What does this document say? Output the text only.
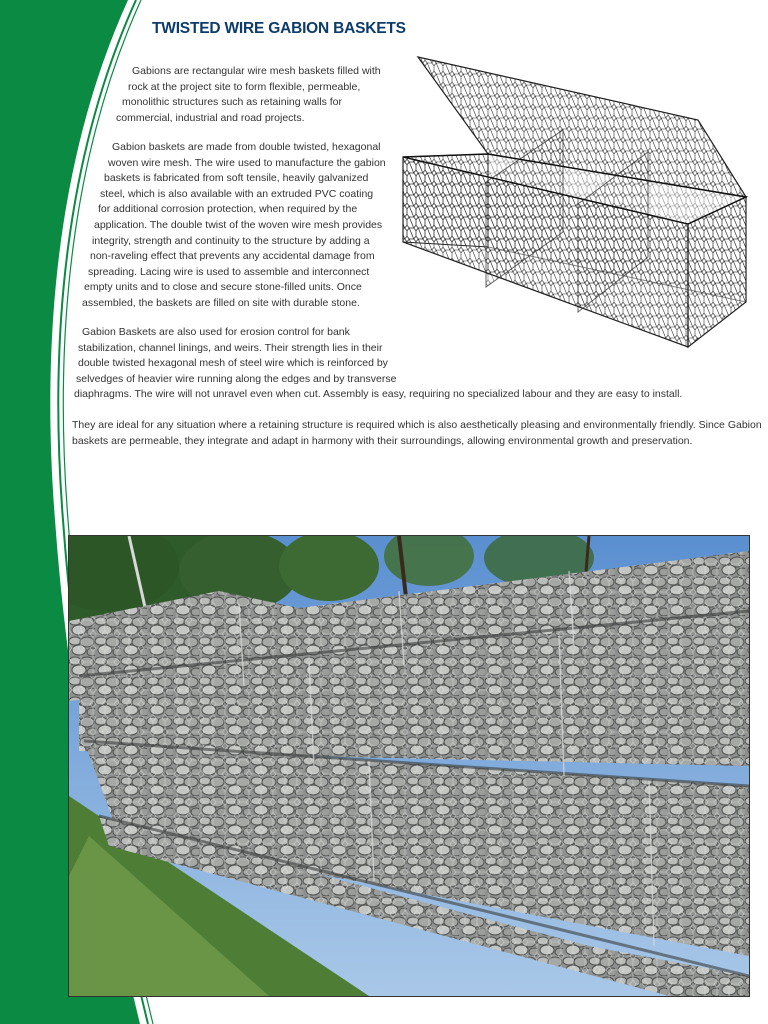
TWISTED WIRE GABION BASKETS

Gabions are rectangular wire mesh baskets filled with
rock at the project site to form flexible, permeable,
monolithic structures such as retaining walls for
commercial, industrial and road projects.

Gabion baskets are made from double twisted, hexagonal
woven wire mesh. The wire used to manufacture the gabion
baskets is fabricated from soft tensile, heavily galvanized
steel, which is also available with an extruded PVC coating
for additional corrosion protection, when required by the
application. The double twist of the woven wire mesh provides
integrity, strength and continuity to the structure by adding a
non-raveling effect that prevents any accidental damage from
spreading. Lacing wire is used to assemble and interconnect
empty units and to close and secure stone-filled units. Once
assembled, the baskets are filled on site with durable stone.

Gabion Baskets are also used for erosion control for bank
stabilization, channel linings, and weirs. Their strength lies in their
double twisted hexagonal mesh of steel wire which is reinforced by
selvedges of heavier wire running along the edges and by transverse
diaphragms. The wire will not unravel even when cut. Assembly is easy, requiring no specialized labour and they are easy to install.

They are ideal for any situation where a retaining structure is required which is also aesthetically pleasing and environmentally friendly. Since Gabion
baskets are permeable, they integrate and adapt in harmony with their surroundings, allowing environmental growth and preservation.
